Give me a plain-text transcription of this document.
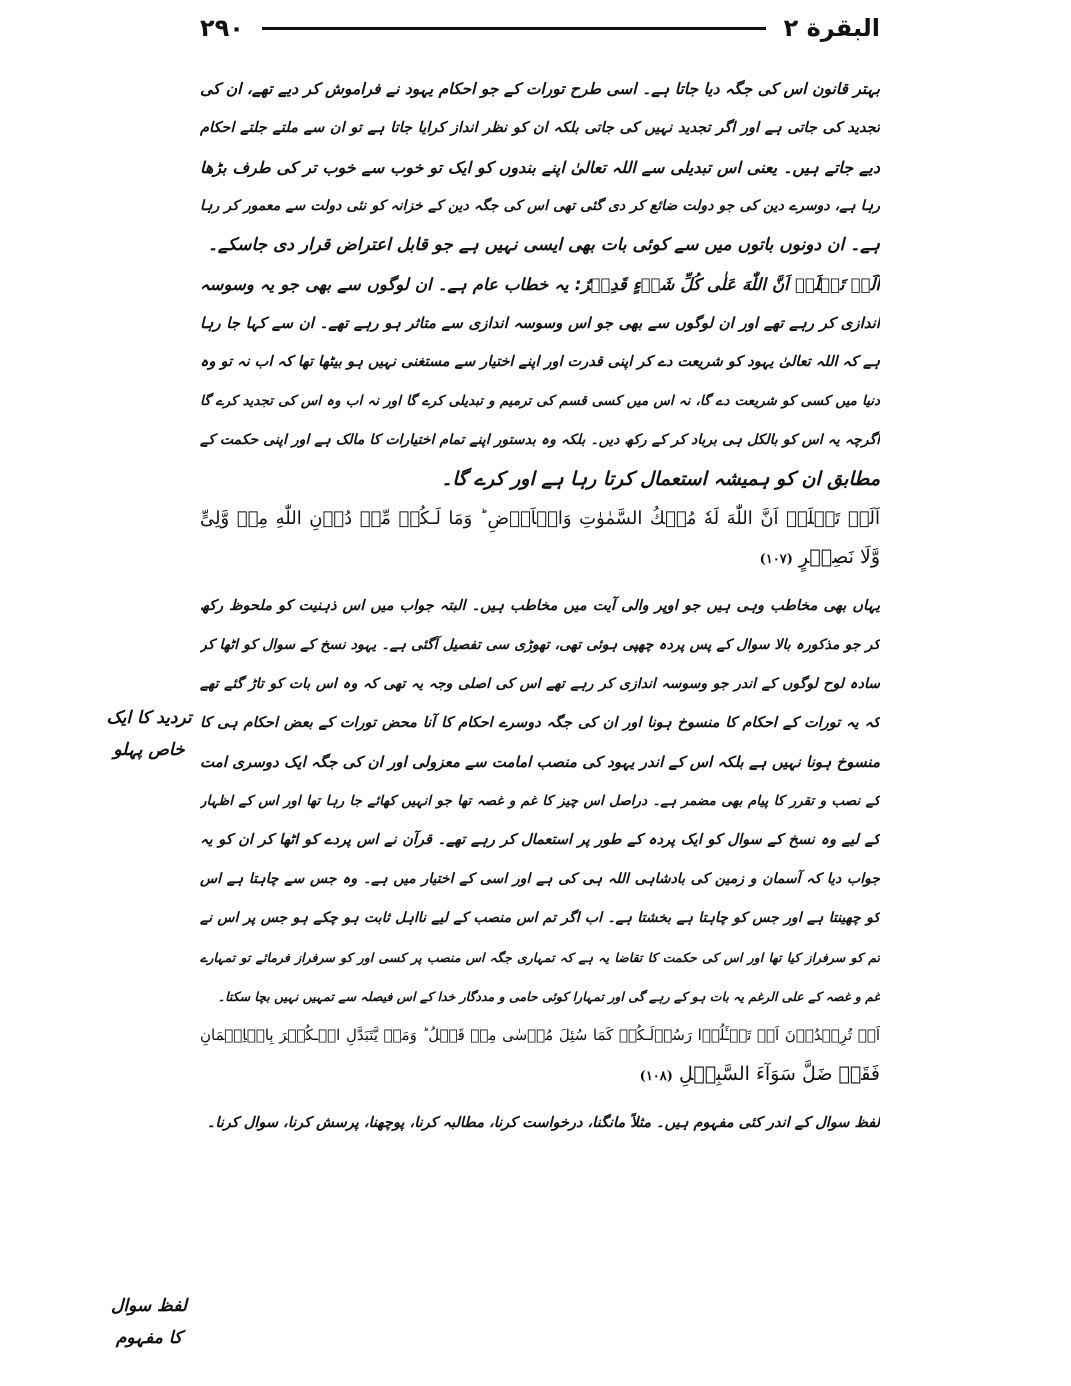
۲۹۰	البقرة ٢
بہتر قانون اس کی جگہ دیا جاتا ہے۔ اسی طرح تورات کے جو احکام یہود نے فراموش کر دیے تھے، ان کی
تجدید کی جاتی ہے اور اگر تجدید نہیں کی جاتی بلکہ ان کو نظر انداز کرایا جاتا ہے تو ان سے ملتے جلتے احکام
دیے جاتے ہیں۔ یعنی اس تبدیلی سے اللہ تعالیٰ اپنے بندوں کو ایک تو خوب سے خوب تر کی طرف بڑھا
رہا ہے، دوسرے دین کی جو دولت ضائع کر دی گئی تھی اس کی جگہ دین کے خزانہ کو نئی دولت سے معمور کر رہا
ہے۔ ان دونوں باتوں میں سے کوئی بات بھی ایسی نہیں ہے جو قابل اعتراض قرار دی جاسکے۔
اَلَمۡ تَعۡلَمۡ اَنَّ اللّٰهَ عَلٰی كُلِّ شَیۡءٍ قَدِیۡرٌ: یہ خطاب عام ہے۔ ان لوگوں سے بھی جو یہ وسوسہ
اندازی کر رہے تھے اور ان لوگوں سے بھی جو اس وسوسہ اندازی سے متاثر ہو رہے تھے۔ ان سے کہا جا رہا
ہے کہ اللہ تعالیٰ یہود کو شریعت دے کر اپنی قدرت اور اپنے اختیار سے مستغنی نہیں ہو بیٹھا تھا کہ اب نہ تو وہ
دنیا میں کسی کو شریعت دے گا، نہ اس میں کسی قسم کی ترمیم و تبدیلی کرے گا اور نہ اب وہ اس کی تجدید کرے گا
اگرچہ یہ اس کو بالکل ہی برباد کر کے رکھ دیں۔ بلکہ وہ بدستور اپنے تمام اختیارات کا مالک ہے اور اپنی حکمت کے
مطابق ان کو ہمیشہ استعمال کرتا رہا ہے اور کرے گا۔
اَلَمۡ تَعۡلَمۡ اَنَّ اللّٰهَ لَهٗ مُلۡكُ السَّمٰوٰتِ وَالۡاَرۡضِ ؕ وَمَا لَـكُمۡ مِّنۡ دُوۡنِ اللّٰهِ مِنۡ وَّلِىٍّ
وَّلَا نَصِیۡرٍ (۱۰۷)
یہاں بھی مخاطب وہی ہیں جو اوپر والی آیت میں مخاطب ہیں۔ البتہ جواب میں اس ذہنیت کو ملحوظ رکھ
کر جو مذکورہ بالا سوال کے پس پردہ چھپی ہوئی تھی، تھوڑی سی تفصیل آگئی ہے۔ یہود نسخ کے سوال کو اٹھا کر
سادہ لوح لوگوں کے اندر جو وسوسہ اندازی کر رہے تھے اس کی اصلی وجہ یہ تھی کہ وہ اس بات کو تاڑ گئے تھے
کہ یہ تورات کے احکام کا منسوخ ہونا اور ان کی جگہ دوسرے احکام کا آنا محض تورات کے بعض احکام ہی کا
منسوخ ہونا نہیں ہے بلکہ اس کے اندر یہود کی منصب امامت سے معزولی اور ان کی جگہ ایک دوسری امت
کے نصب و تقرر کا پیام بھی مضمر ہے۔ دراصل اس چیز کا غم و غصہ تھا جو انہیں کھائے جا رہا تھا اور اس کے اظہار
کے لیے وہ نسخ کے سوال کو ایک پردہ کے طور پر استعمال کر رہے تھے۔ قرآن نے اس پردے کو اٹھا کر ان کو یہ
جواب دیا کہ آسمان و زمین کی بادشاہی اللہ ہی کی ہے اور اسی کے اختیار میں ہے۔ وہ جس سے چاہتا ہے اس
کو چھینتا ہے اور جس کو چاہتا ہے بخشتا ہے۔ اب اگر تم اس منصب کے لیے نااہل ثابت ہو چکے ہو جس پر اس نے
تم کو سرفراز کیا تھا اور اس کی حکمت کا تقاضا یہ ہے کہ تمہاری جگہ اس منصب پر کسی اور کو سرفراز فرمائے تو تمہارے
غم و غصہ کے علی الرغم یہ بات ہو کے رہے گی اور تمہارا کوئی حامی و مددگار خدا کے اس فیصلہ سے تمہیں نہیں بچا سکتا۔
اَمۡ تُرِیۡدُوۡنَ اَنۡ تَسۡـَٔلُوۡا رَسُوۡلَـكُمۡ كَمَا سُئِلَ مُوۡسٰى مِنۡ قَبۡلُ ؕ وَمَنۡ یَّتَبَدَّلِ الۡـكُفۡرَ بِالۡاِیۡمَانِ
فَقَدۡ ضَلَّ سَوَآءَ السَّبِیۡلِ (۱۰۸)
لفظ سوال کے اندر کئی مفہوم ہیں۔ مثلاً مانگنا، درخواست کرنا، مطالبہ کرنا، پوچھنا، پرسش کرنا، سوال کرنا۔
تردید کا ایک
خاص پہلو
لفظ سوال
کا مفہوم
